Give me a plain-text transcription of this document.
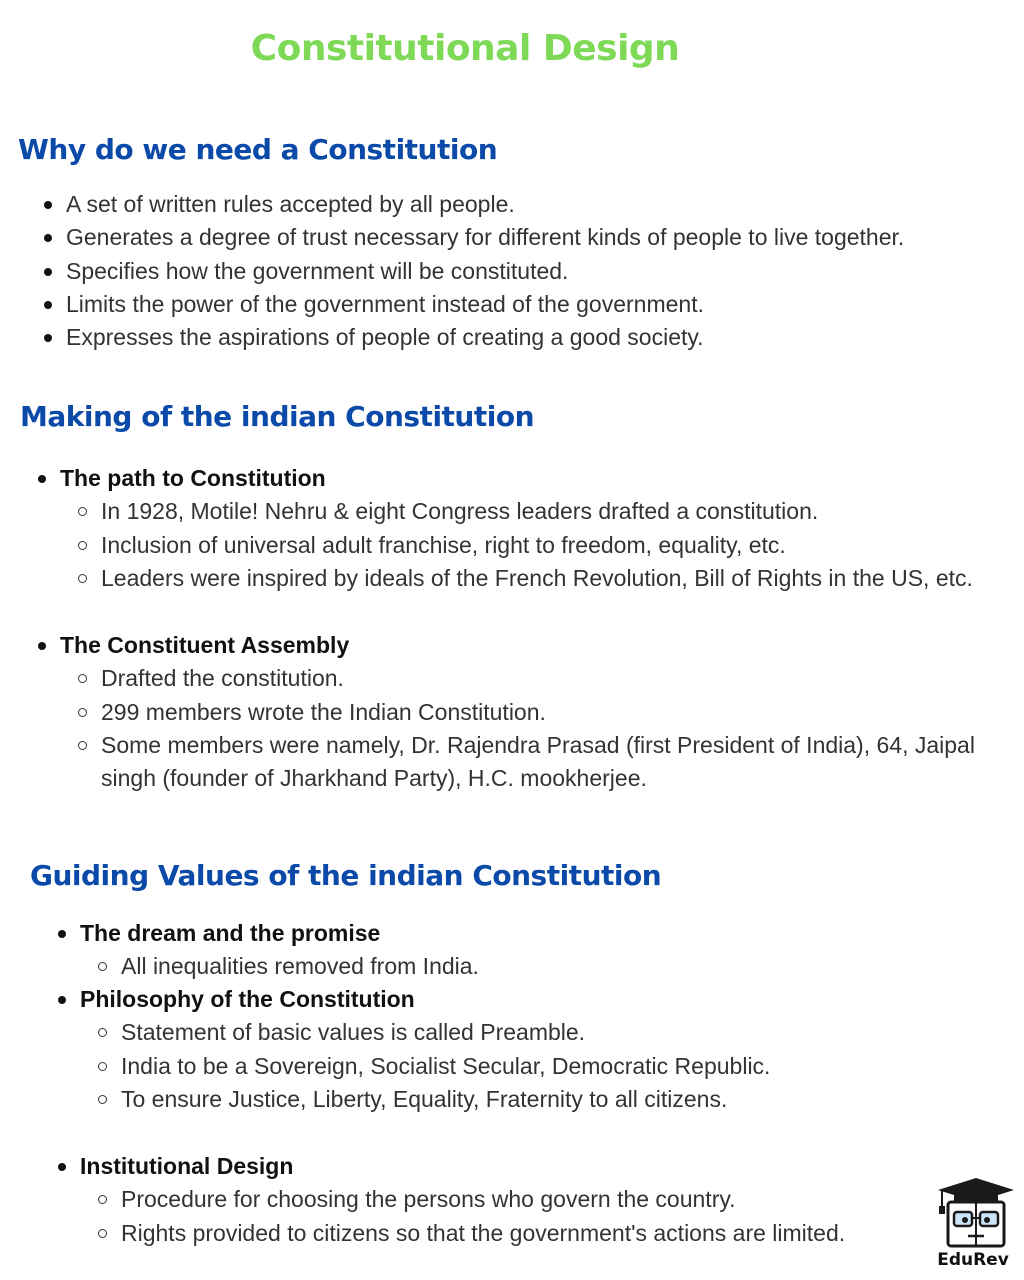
Constitutional Design
Why do we need a Constitution
A set of written rules accepted by all people.
Generates a degree of trust necessary for different kinds of people to live together.
Specifies how the government will be constituted.
Limits the power of the government instead of the government.
Expresses the aspirations of people of creating a good society.
Making of the indian Constitution
The path to Constitution
In 1928, Motile! Nehru & eight Congress leaders drafted a constitution.
Inclusion of universal adult franchise, right to freedom, equality, etc.
Leaders were inspired by ideals of the French Revolution, Bill of Rights in the US, etc.
The Constituent Assembly
Drafted the constitution.
299 members wrote the Indian Constitution.
Some members were namely, Dr. Rajendra Prasad (first President of India), 64, Jaipal singh (founder of Jharkhand Party), H.C. mookherjee.
Guiding Values of the indian Constitution
The dream and the promise
All inequalities removed from India.
Philosophy of the Constitution
Statement of basic values is called Preamble.
India to be a Sovereign, Socialist Secular, Democratic Republic.
To ensure Justice, Liberty, Equality, Fraternity to all citizens.
Institutional Design
Procedure for choosing the persons who govern the country.
Rights provided to citizens so that the government's actions are limited.
EduRev
